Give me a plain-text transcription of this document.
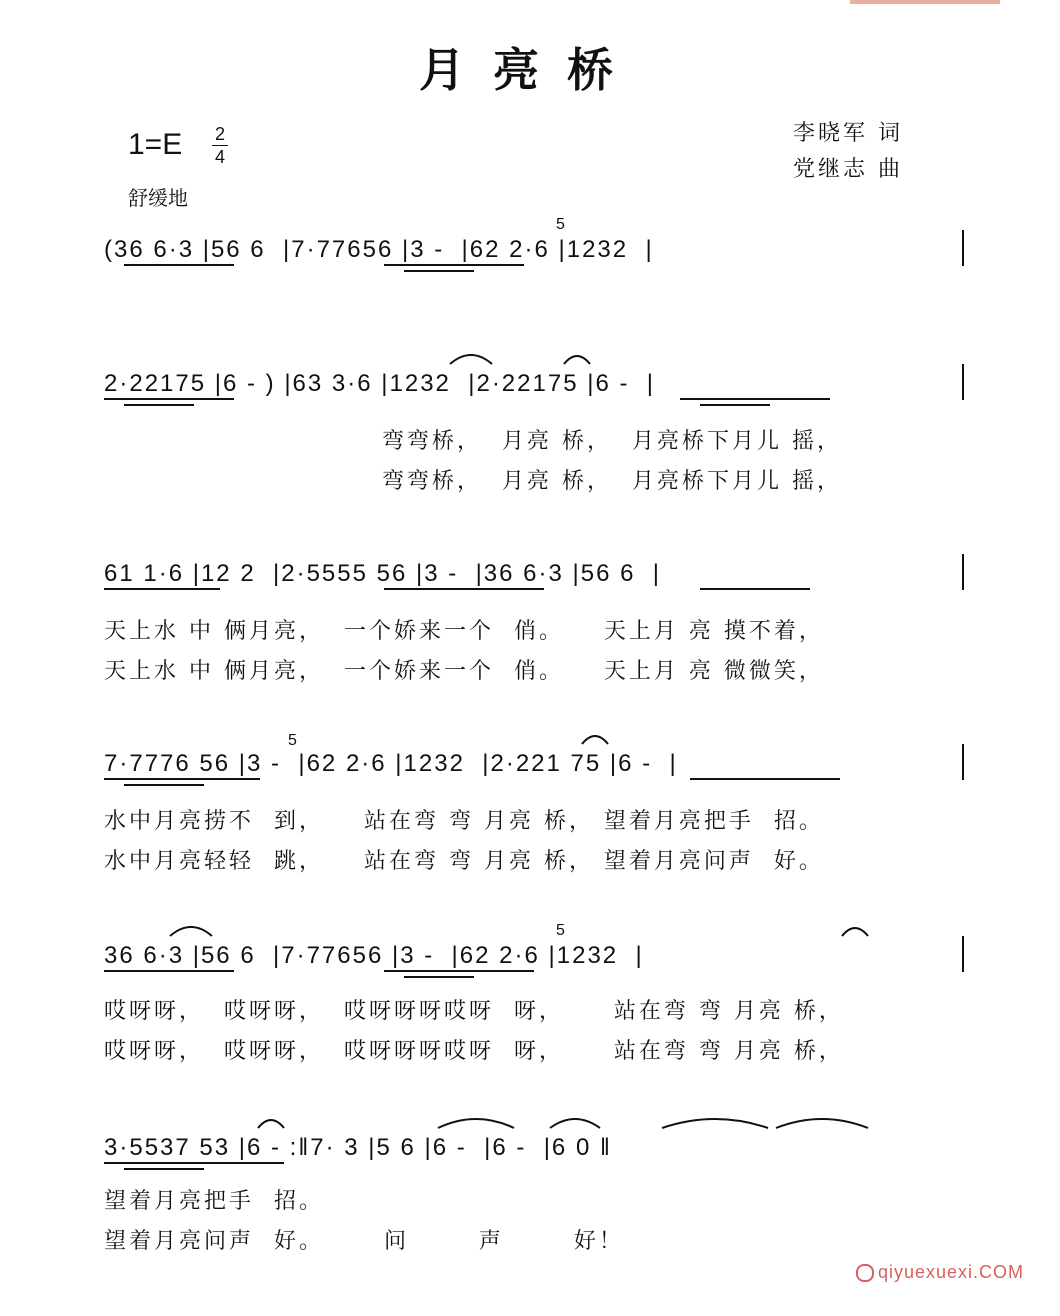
月亮桥
1=E 2
4
舒缓地
李晓军 词
党继志 曲
(36 6·3 |56 6  |7·77656 |3 -  |62 2·6 |1232  |
5
2·22175 |6 - ) |63 3·6 |1232  |2·22175 |6 -  |
弯弯桥，  月亮 桥，  月亮桥下月儿 摇，
弯弯桥，  月亮 桥，  月亮桥下月儿 摇，
61 1·6 |12 2  |2·5555 56 |3 -  |36 6·3 |56 6  |
天上水 中 俩月亮，  一个娇来一个  俏。    天上月 亮 摸不着，
天上水 中 俩月亮，  一个娇来一个  俏。    天上月 亮 微微笑，
7·7776 56 |3 -  |62 2·6 |1232  |2·221 75 |6 -  |
5
水中月亮捞不  到，    站在弯 弯 月亮 桥， 望着月亮把手  招。
水中月亮轻轻  跳，    站在弯 弯 月亮 桥， 望着月亮问声  好。
36 6·3 |56 6  |7·77656 |3 -  |62 2·6 |1232  |
5
哎呀呀，  哎呀呀，  哎呀呀呀哎呀  呀，     站在弯 弯 月亮 桥，
哎呀呀，  哎呀呀，  哎呀呀呀哎呀  呀，     站在弯 弯 月亮 桥，
3·5537 53 |6 - :‖7· 3 |5 6 |6 -  |6 -  |6 0 ‖
望着月亮把手  招。
望着月亮问声  好。      问       声       好！
qiyuexuexi.COM
